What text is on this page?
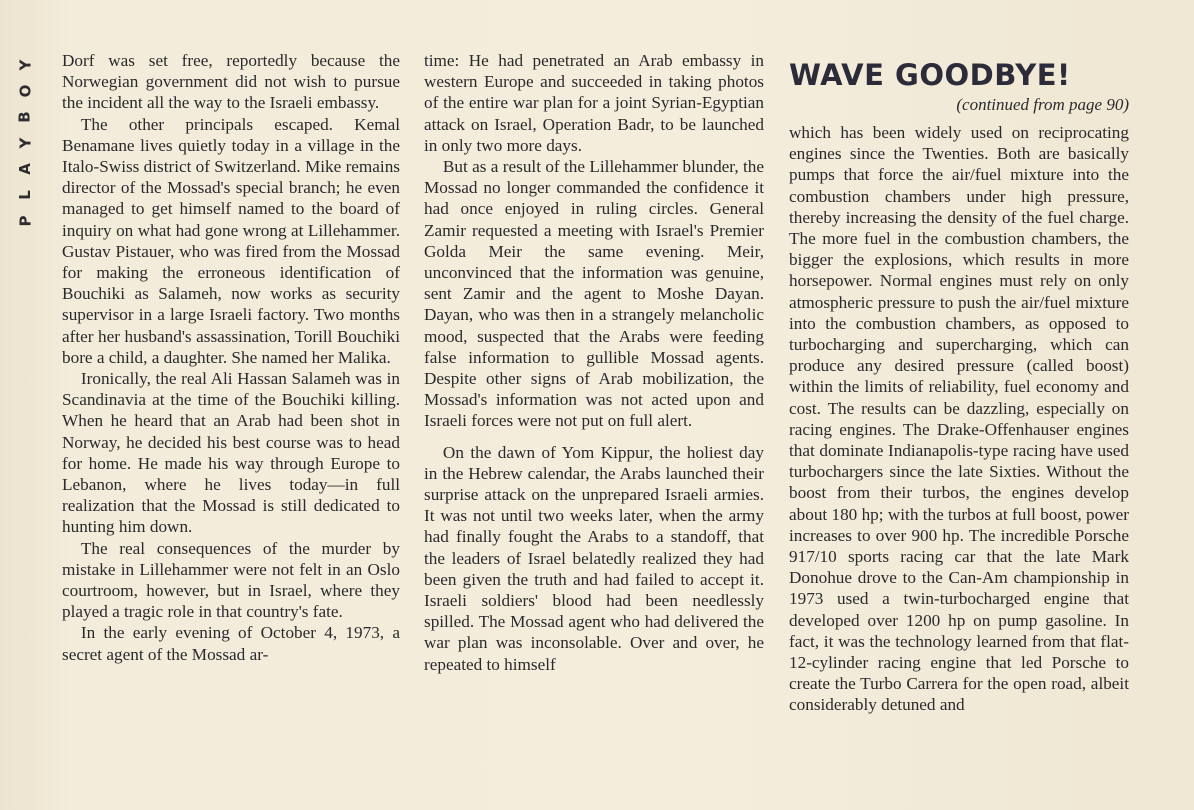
Y
O
B
Y
A
L
P

Dorf was set free, reportedly because the Norwegian government did not wish to pursue the incident all the way to the Israeli embassy.

The other principals escaped. Kemal Benamane lives quietly today in a village in the Italo-Swiss district of Switzerland. Mike remains director of the Mossad's special branch; he even managed to get himself named to the board of inquiry on what had gone wrong at Lillehammer. Gustav Pistauer, who was fired from the Mossad for making the erroneous identification of Bouchiki as Salameh, now works as security supervisor in a large Israeli factory. Two months after her husband's assassination, Torill Bouchiki bore a child, a daughter. She named her Malika.

Ironically, the real Ali Hassan Salameh was in Scandinavia at the time of the Bouchiki killing. When he heard that an Arab had been shot in Norway, he decided his best course was to head for home. He made his way through Europe to Lebanon, where he lives today—in full realization that the Mossad is still dedicated to hunting him down.

The real consequences of the murder by mistake in Lillehammer were not felt in an Oslo courtroom, however, but in Israel, where they played a tragic role in that country's fate.

In the early evening of October 4, 1973, a secret agent of the Mossad ar-

time: He had penetrated an Arab embassy in western Europe and succeeded in taking photos of the entire war plan for a joint Syrian-Egyptian attack on Israel, Operation Badr, to be launched in only two more days.

But as a result of the Lillehammer blunder, the Mossad no longer commanded the confidence it had once enjoyed in ruling circles. General Zamir requested a meeting with Israel's Premier Golda Meir the same evening. Meir, unconvinced that the information was genuine, sent Zamir and the agent to Moshe Dayan. Dayan, who was then in a strangely melancholic mood, suspected that the Arabs were feeding false information to gullible Mossad agents. Despite other signs of Arab mobilization, the Mossad's information was not acted upon and Israeli forces were not put on full alert.

On the dawn of Yom Kippur, the holiest day in the Hebrew calendar, the Arabs launched their surprise attack on the unprepared Israeli armies. It was not until two weeks later, when the army had finally fought the Arabs to a standoff, that the leaders of Israel belatedly realized they had been given the truth and had failed to accept it. Israeli soldiers' blood had been needlessly spilled. The Mossad agent who had delivered the war plan was inconsolable. Over and over, he repeated to himself

WAVE GOODBYE!
(continued from page 90)

which has been widely used on reciprocating engines since the Twenties. Both are basically pumps that force the air/fuel mixture into the combustion chambers under high pressure, thereby increasing the density of the fuel charge. The more fuel in the combustion chambers, the bigger the explosions, which results in more horsepower. Normal engines must rely on only atmospheric pressure to push the air/fuel mixture into the combustion chambers, as opposed to turbocharging and supercharging, which can produce any desired pressure (called boost) within the limits of reliability, fuel economy and cost. The results can be dazzling, especially on racing engines. The Drake-Offenhauser engines that dominate Indianapolis-type racing have used turbochargers since the late Sixties. Without the boost from their turbos, the engines develop about 180 hp; with the turbos at full boost, power increases to over 900 hp. The incredible Porsche 917/10 sports racing car that the late Mark Donohue drove to the Can-Am championship in 1973 used a twin-turbocharged engine that developed over 1200 hp on pump gasoline. In fact, it was the technology learned from that flat-12-cylinder racing engine that led Porsche to create the Turbo Carrera for the open road, albeit considerably detuned and
